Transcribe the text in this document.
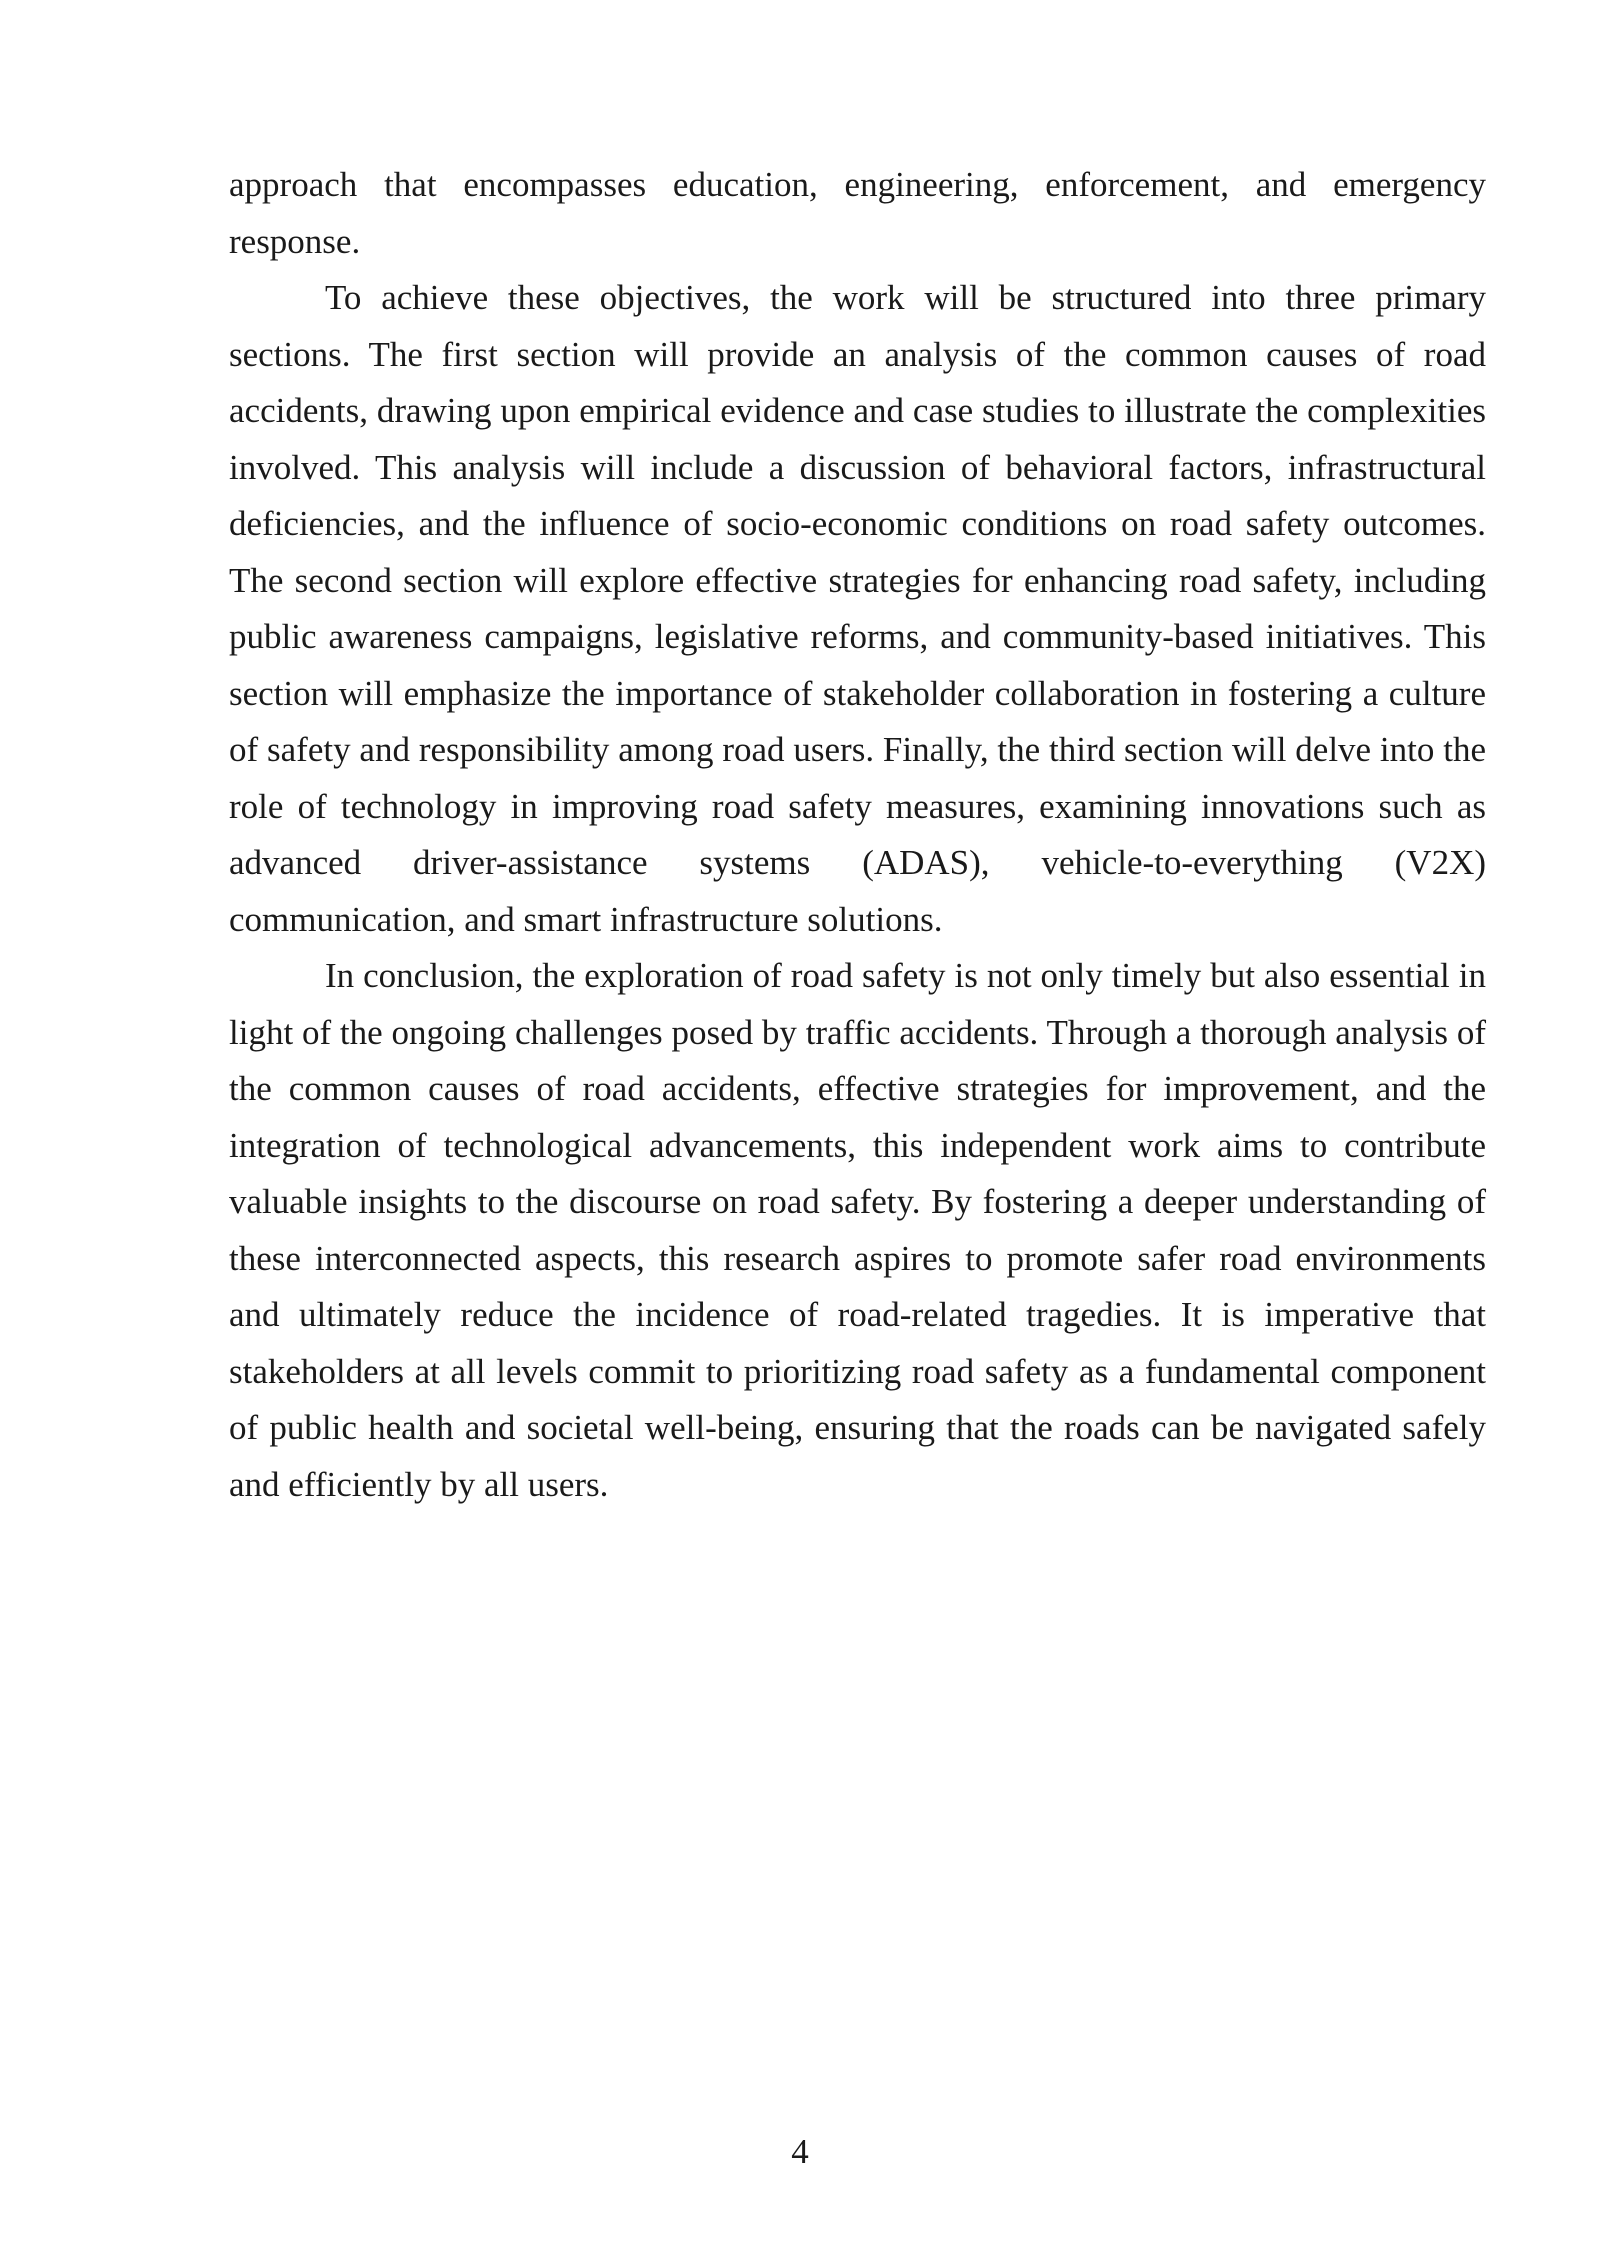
approach that encompasses education, engineering, enforcement, and emergency response.

To achieve these objectives, the work will be structured into three primary sections. The first section will provide an analysis of the common causes of road accidents, drawing upon empirical evidence and case studies to illustrate the complexities involved. This analysis will include a discussion of behavioral factors, infrastructural deficiencies, and the influence of socio-economic conditions on road safety outcomes. The second section will explore effective strategies for enhancing road safety, including public awareness campaigns, legislative reforms, and community-based initiatives. This section will emphasize the importance of stakeholder collaboration in fostering a culture of safety and responsibility among road users. Finally, the third section will delve into the role of technology in improving road safety measures, examining innovations such as advanced driver-assistance systems (ADAS), vehicle-to-everything (V2X) communication, and smart infrastructure solutions.

In conclusion, the exploration of road safety is not only timely but also essential in light of the ongoing challenges posed by traffic accidents. Through a thorough analysis of the common causes of road accidents, effective strategies for improvement, and the integration of technological advancements, this independent work aims to contribute valuable insights to the discourse on road safety. By fostering a deeper understanding of these interconnected aspects, this research aspires to promote safer road environments and ultimately reduce the incidence of road-related tragedies. It is imperative that stakeholders at all levels commit to prioritizing road safety as a fundamental component of public health and societal well-being, ensuring that the roads can be navigated safely and efficiently by all users.

4
